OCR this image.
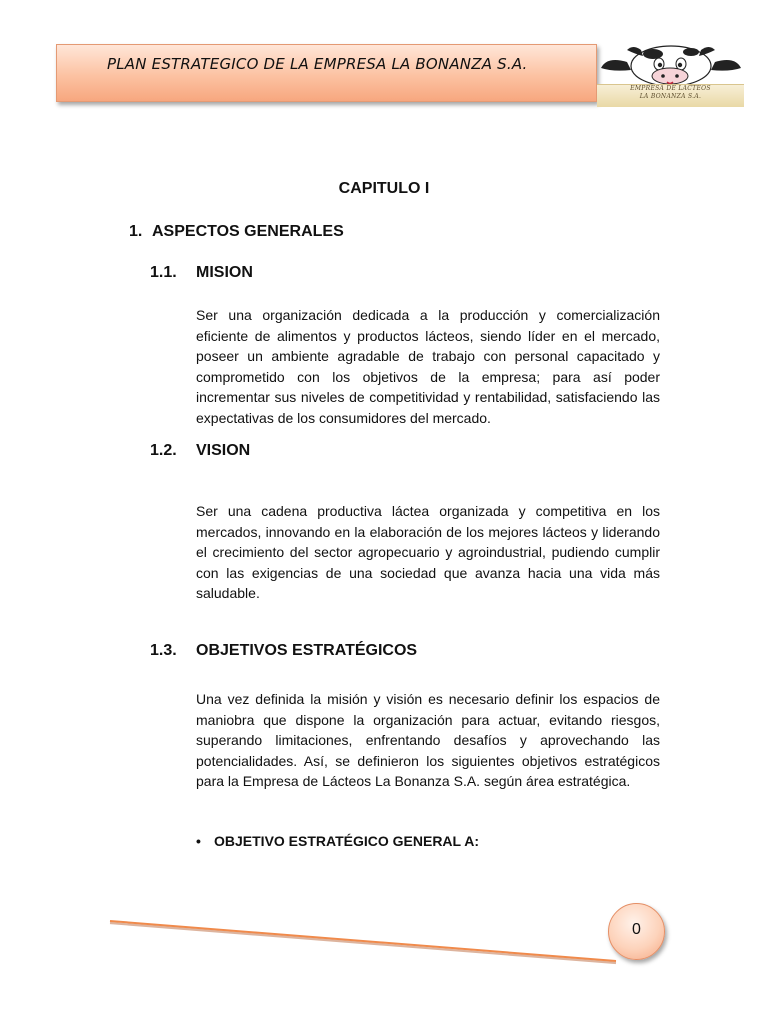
PLAN ESTRATEGICO DE LA EMPRESA LA BONANZA S.A.
EMPRESA DE LACTEOS
LA BONANZA S.A.
CAPITULO I
1. ASPECTOS GENERALES
1.1. MISION
Ser una organización dedicada a la producción y comercialización eficiente de alimentos y productos lácteos, siendo líder en el mercado, poseer un ambiente agradable de trabajo con personal capacitado y comprometido con los objetivos de la empresa; para así poder incrementar sus niveles de competitividad y rentabilidad, satisfaciendo las expectativas de los consumidores del mercado.
1.2. VISION
Ser una cadena productiva láctea organizada y competitiva en los mercados, innovando en la elaboración de los mejores lácteos y liderando el crecimiento del sector agropecuario y agroindustrial, pudiendo cumplir con las exigencias de una sociedad que avanza hacia una vida más saludable.
1.3. OBJETIVOS ESTRATÉGICOS
Una vez definida la misión y visión es necesario definir los espacios de maniobra que dispone la organización para actuar, evitando riesgos, superando limitaciones, enfrentando desafíos y aprovechando las potencialidades. Así, se definieron los siguientes objetivos estratégicos para la Empresa de Lácteos La Bonanza S.A. según área estratégica.
• OBJETIVO ESTRATÉGICO GENERAL A:
0
